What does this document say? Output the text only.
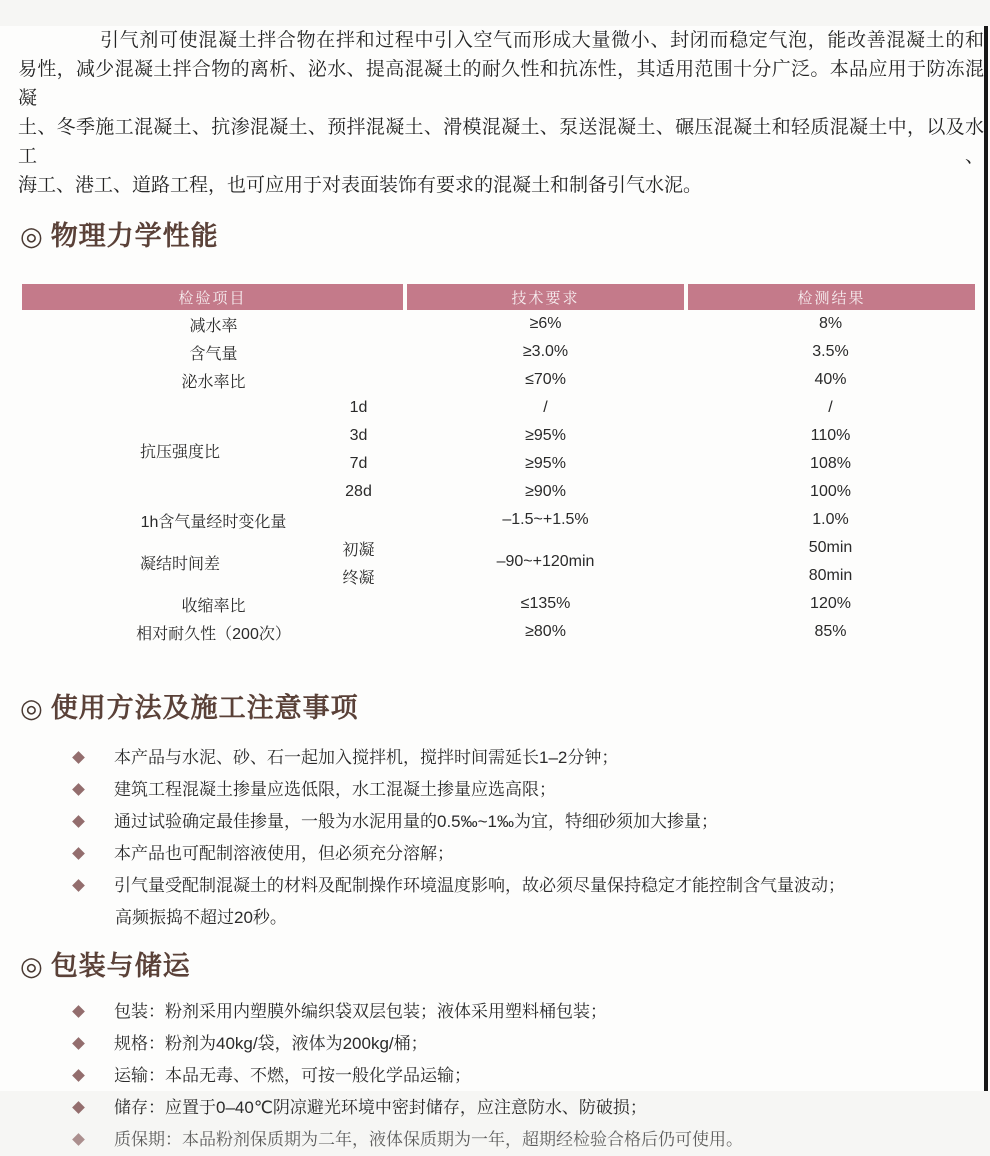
引气剂可使混凝土拌合物在拌和过程中引入空气而形成大量微小、封闭而稳定气泡，能改善混凝土的和
易性，减少混凝土拌合物的离析、泌水、提高混凝土的耐久性和抗冻性，其适用范围十分广泛。本品应用于防冻混凝
土、冬季施工混凝土、抗渗混凝土、预拌混凝土、滑模混凝土、泵送混凝土、碾压混凝土和轻质混凝土中，以及水工、
海工、港工、道路工程，也可应用于对表面装饰有要求的混凝土和制备引气水泥。
◎ 物理力学性能
检验项目		技术要求	检测结果
减水率		≥6%	8%
含气量		≥3.0%	3.5%
泌水率比		≤70%	40%
抗压强度比	1d	/	/
	3d	≥95%	110%
	7d	≥95%	108%
	28d	≥90%	100%
1h含气量经时变化量		–1.5~+1.5%	1.0%
凝结时间差	初凝	–90~+120min	50min
	终凝		80min
收缩率比		≤135%	120%
相对耐久性（200次）		≥80%	85%
◎ 使用方法及施工注意事项
本产品与水泥、砂、石一起加入搅拌机，搅拌时间需延长1–2分钟；
建筑工程混凝土掺量应选低限，水工混凝土掺量应选高限；
通过试验确定最佳掺量，一般为水泥用量的0.5‰~1‰为宜，特细砂须加大掺量；
本产品也可配制溶液使用，但必须充分溶解；
引气量受配制混凝土的材料及配制操作环境温度影响，故必须尽量保持稳定才能控制含气量波动；
高频振捣不超过20秒。
◎ 包装与储运
包装：粉剂采用内塑膜外编织袋双层包装；液体采用塑料桶包装；
规格：粉剂为40kg/袋，液体为200kg/桶；
运输：本品无毒、不燃，可按一般化学品运输；
储存：应置于0–40℃阴凉避光环境中密封储存，应注意防水、防破损；
质保期：本品粉剂保质期为二年，液体保质期为一年，超期经检验合格后仍可使用。
